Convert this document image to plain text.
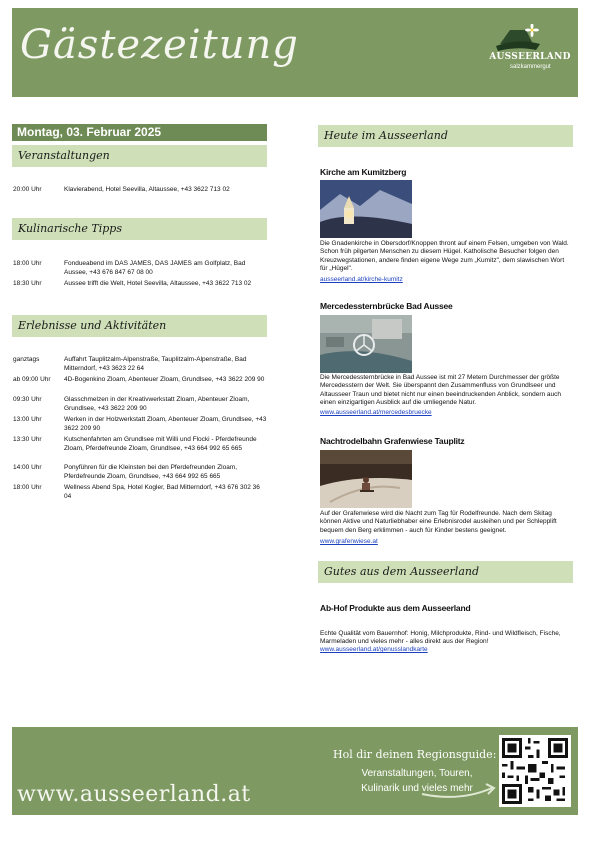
Gästezeitung	AUSSEERLAND
salzkammergut
Montag, 03. Februar 2025
Veranstaltungen
20:00 Uhr	Klavierabend, Hotel Seevilla, Altaussee, +43 3622 713 02
Kulinarische Tipps
18:00 Uhr	Fondueabend im DAS JAMES, DAS JAMES am Golfplatz, Bad Aussee, +43 676 847 67 08 00
18:30 Uhr	Aussee trifft die Welt, Hotel Seevilla, Altaussee, +43 3622 713 02
Erlebnisse und Aktivitäten
ganztags	Auffahrt Tauplitzalm-Alpenstraße, Tauplitzalm-Alpenstraße, Bad Mitterndorf, +43 3623 22 64
ab 09:00 Uhr	4D-Bogenkino Zloam, Abenteuer Zloam, Grundlsee, +43 3622 209 90
09:30 Uhr	Glasschmelzen in der Kreativwerkstatt Zloam, Abenteuer Zloam, Grundlsee, +43 3622 209 90
13:00 Uhr	Werken in der Holzwerkstatt Zloam, Abenteuer Zloam, Grundlsee, +43 3622 209 90
13:30 Uhr	Kutschenfahrten am Grundlsee mit Willi und Flocki - Pferdefreunde Zloam, Pferdefreunde Zloam, Grundlsee, +43 664 992 65 665
14:00 Uhr	Ponyführen für die Kleinsten bei den Pferdefreunden Zloam, Pferdefreunde Zloam, Grundlsee, +43 664 992 65 665
18:00 Uhr	Wellness Abend Spa, Hotel Kogler, Bad Mitterndorf, +43 676 302 36 04
Heute im Ausseerland
Kirche am Kumitzberg
Die Gnadenkirche in Obersdorf/Knoppen thront auf einem Felsen, umgeben von Wald. Schon früh pilgerten Menschen zu diesem Hügel. Katholische Besucher folgen den Kreuzwegstationen, andere finden eigene Wege zum „Kumitz", dem slawischen Wort für „Hügel".
ausseerland.at/kirche-kumitz
Mercedessternbrücke Bad Aussee
Die Mercedessternbrücke in Bad Aussee ist mit 27 Metern Durchmesser der größte Mercedesstern der Welt. Sie überspannt den Zusammenfluss von Grundlseer und Altausseer Traun und bietet nicht nur einen beeindruckenden Anblick, sondern auch einen einzigartigen Ausblick auf die umliegende Natur.
www.ausseerland.at/mercedesbruecke
Nachtrodelbahn Grafenwiese Tauplitz
Auf der Grafenwiese wird die Nacht zum Tag für Rodelfreunde. Nach dem Skitag können Aktive und Naturliebhaber eine Erlebnisrodel ausleihen und per Schlepplift bequem den Berg erklimmen - auch für Kinder bestens geeignet.
www.grafenwiese.at
Gutes aus dem Ausseerland
Ab-Hof Produkte aus dem Ausseerland
Echte Qualität vom Bauernhof: Honig, Milchprodukte, Rind- und Wildfleisch, Fische, Marmeladen und vieles mehr - alles direkt aus der Region!
www.ausseerland.at/genusslandkarte
www.ausseerland.at
Hol dir deinen Regionsguide:
Veranstaltungen, Touren,
Kulinarik und vieles mehr
